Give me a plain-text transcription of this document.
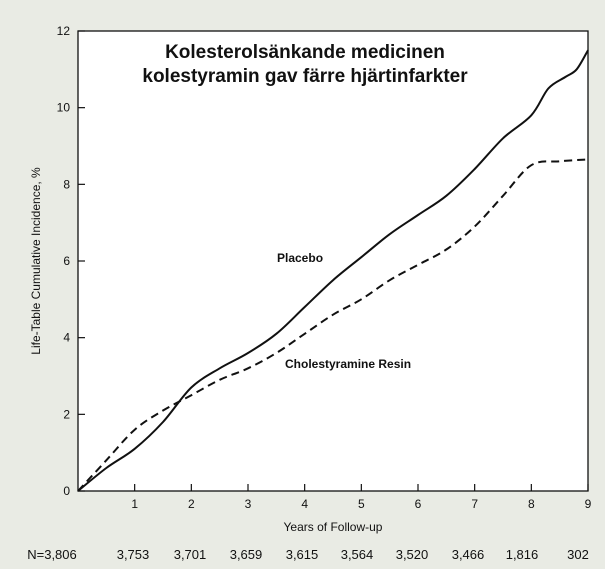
0
2
4
6
8
10
12
1	2	3	4	5	6	7	8	9
Kolesterolsänkande medicinen
kolestyramin gav färre hjärtinfarkter
Placebo
Cholestyramine Resin
Years of Follow-up
Life-Table Cumulative Incidence, %
N=3,806	3,753 3,701 3,659 3,615 3,564 3,520 3,466 1,816 302
